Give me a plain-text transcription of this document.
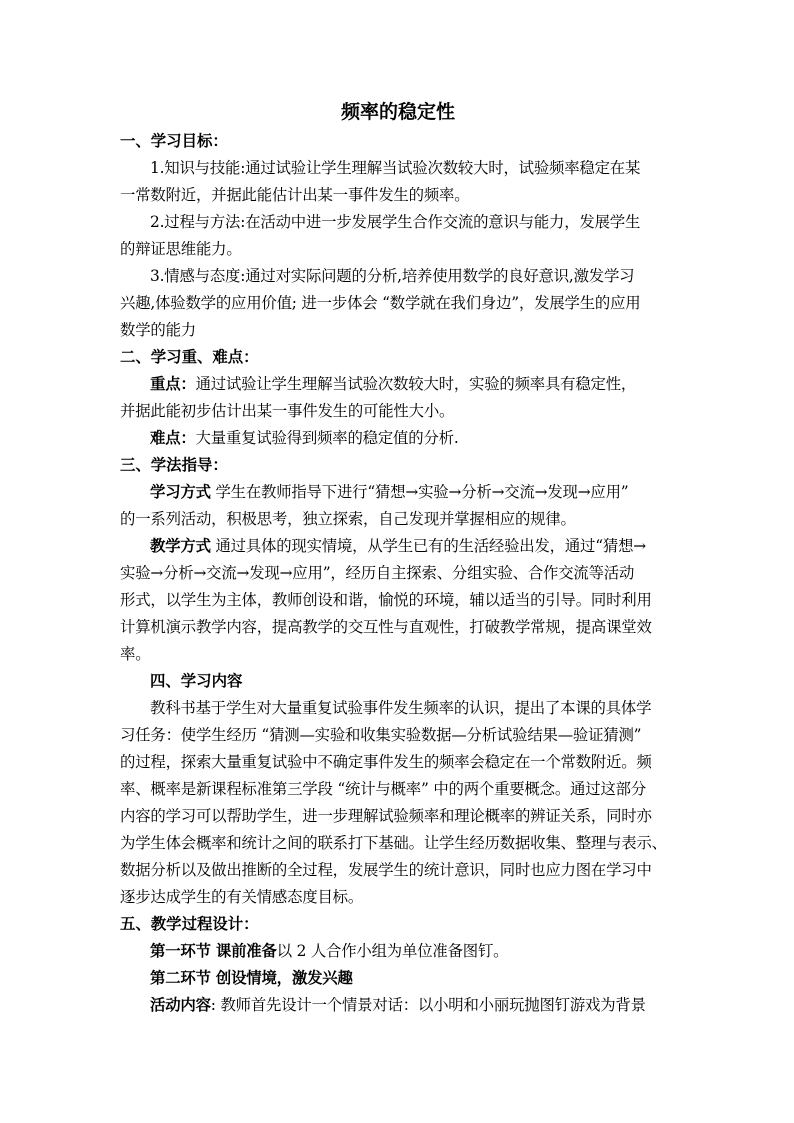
频率的稳定性

一、学习目标：

1.知识与技能:通过试验让学生理解当试验次数较大时，试验频率稳定在某

一常数附近，并据此能估计出某一事件发生的频率。

2.过程与方法:在活动中进一步发展学生合作交流的意识与能力，发展学生

的辩证思维能力。

3.情感与态度:通过对实际问题的分析,培养使用数学的良好意识,激发学习

兴趣,体验数学的应用价值; 进一步体会 “数学就在我们身边”，发展学生的应用

数学的能力

二、学习重、难点：

重点：通过试验让学生理解当试验次数较大时，实验的频率具有稳定性，

并据此能初步估计出某一事件发生的可能性大小。

难点：大量重复试验得到频率的稳定值的分析.

三、学法指导：

学习方式 学生在教师指导下进行“猜想→实验→分析→交流→发现→应用”

的一系列活动，积极思考，独立探索，自己发现并掌握相应的规律。

教学方式 通过具体的现实情境，从学生已有的生活经验出发，通过“猜想→

实验→分析→交流→发现→应用”，经历自主探索、分组实验、合作交流等活动

形式，以学生为主体，教师创设和谐，愉悦的环境，辅以适当的引导。同时利用

计算机演示教学内容，提高教学的交互性与直观性，打破教学常规，提高课堂效

率。

四、学习内容

教科书基于学生对大量重复试验事件发生频率的认识，提出了本课的具体学

习任务：使学生经历 “猜测—实验和收集实验数据—分析试验结果—验证猜测”

的过程，探索大量重复试验中不确定事件发生的频率会稳定在一个常数附近。频

率、概率是新课程标准第三学段 “统计与概率” 中的两个重要概念。通过这部分

内容的学习可以帮助学生，进一步理解试验频率和理论概率的辨证关系，同时亦

为学生体会概率和统计之间的联系打下基础。让学生经历数据收集、整理与表示、

数据分析以及做出推断的全过程，发展学生的统计意识，同时也应力图在学习中

逐步达成学生的有关情感态度目标。

五、教学过程设计：

第一环节 课前准备以 2 人合作小组为单位准备图钉。

第二环节 创设情境，激发兴趣

活动内容: 教师首先设计一个情景对话：以小明和小丽玩抛图钉游戏为背景
